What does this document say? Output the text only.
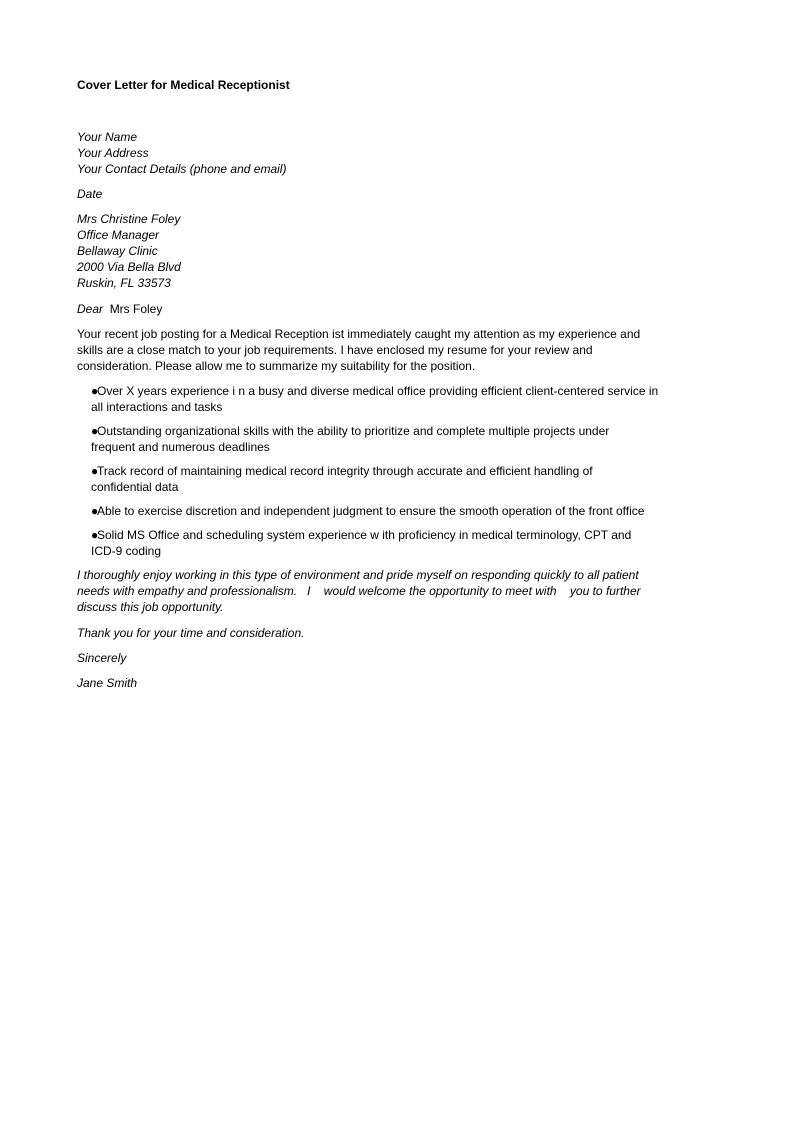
Cover Letter for Medical Receptionist
Your Name
Your Address
Your Contact Details (phone and email)
Date
Mrs Christine Foley
Office Manager
Bellaway Clinic
2000 Via Bella Blvd
Ruskin, FL 33573
Dear Mrs Foley
Your recent job posting for a Medical Reception ist immediately caught my attention as my experience and
skills are a close match to your job requirements. I have enclosed my resume for your review and
consideration. Please allow me to summarize my suitability for the position.
●Over X years experience i n a busy and diverse medical office providing efficient client-centered service in
all interactions and tasks
●Outstanding organizational skills with the ability to prioritize and complete multiple projects under
frequent and numerous deadlines
●Track record of maintaining medical record integrity through accurate and efficient handling of
confidential data
●Able to exercise discretion and independent judgment to ensure the smooth operation of the front office
●Solid MS Office and scheduling system experience w ith proficiency in medical terminology, CPT and
ICD-9 coding
I thoroughly enjoy working in this type of environment and pride myself on responding quickly to all patient
needs with empathy and professionalism.   I    would welcome the opportunity to meet with    you to further
discuss this job opportunity.
Thank you for your time and consideration.
Sincerely
Jane Smith
